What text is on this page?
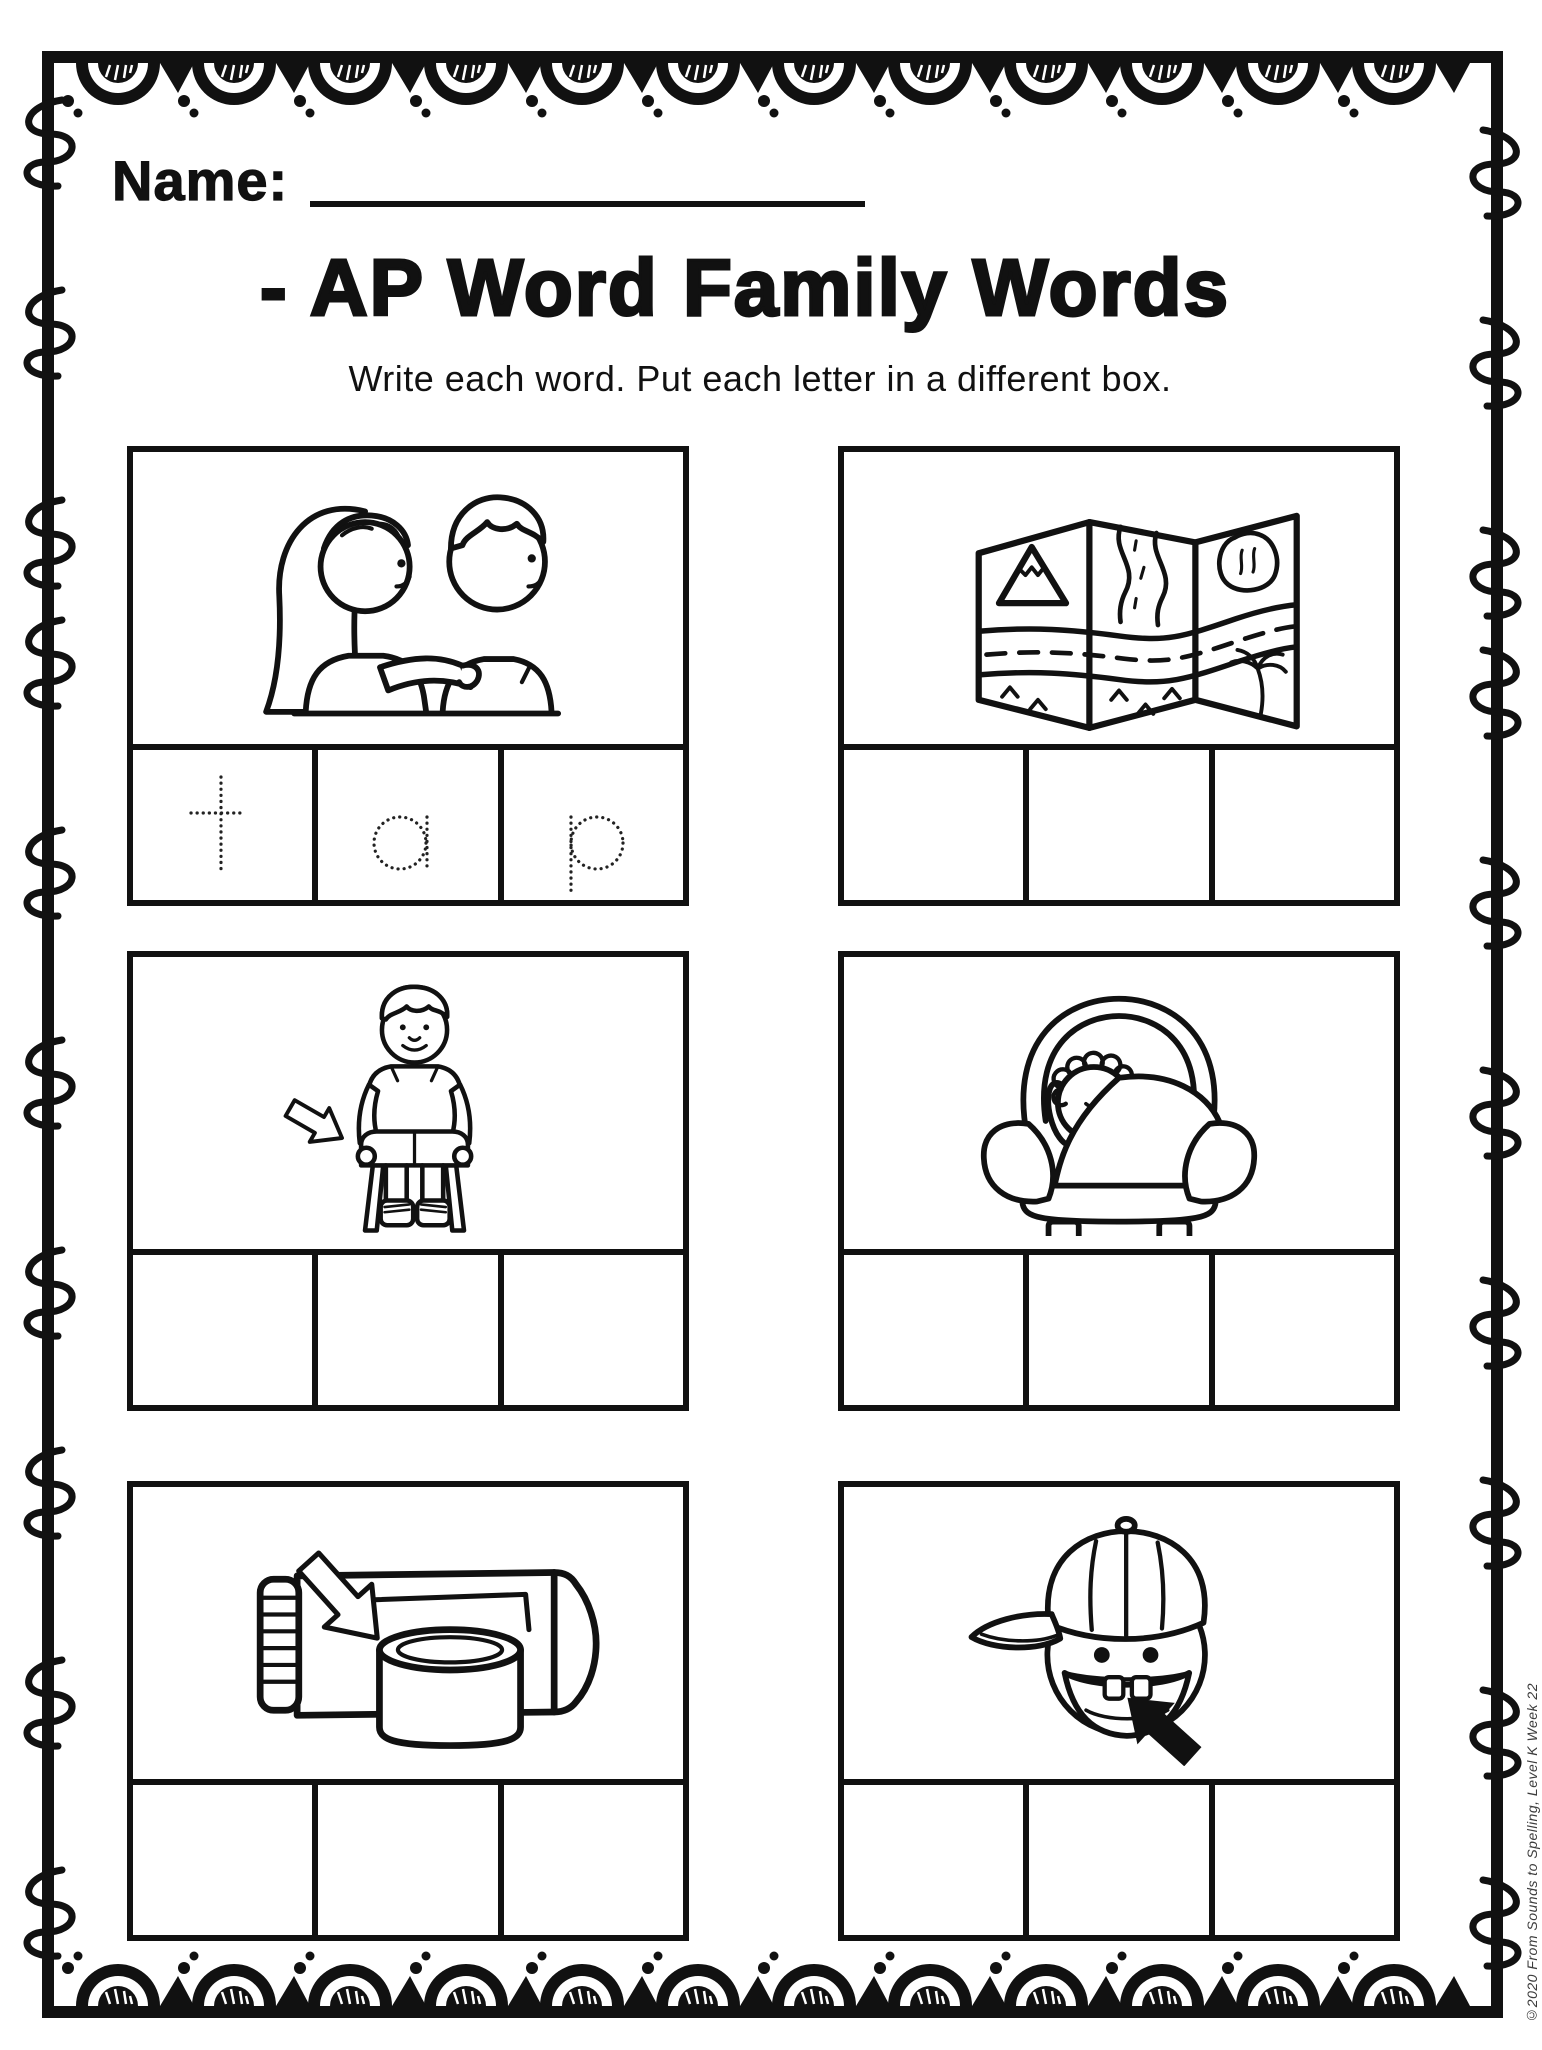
Name:
- AP Word Family Words
Write each word. Put each letter in a different box.
©2020 From Sounds to Spelling, Level K Week 22
